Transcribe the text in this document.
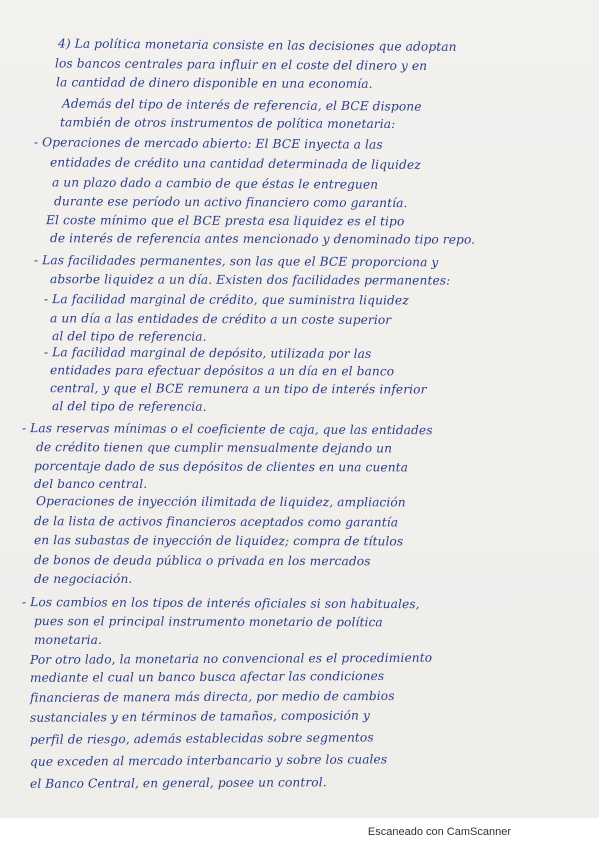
4) La política monetaria consiste en las decisiones que adoptan
los bancos centrales para influir en el coste del dinero y en
la cantidad de dinero disponible en una economía.
Además del tipo de interés de referencia, el BCE dispone
también de otros instrumentos de política monetaria:
- Operaciones de mercado abierto: El BCE inyecta a las
entidades de crédito una cantidad determinada de liquidez
a un plazo dado a cambio de que éstas le entreguen
durante ese período un activo financiero como garantía.
El coste mínimo que el BCE presta esa liquidez es el tipo
de interés de referencia antes mencionado y denominado tipo repo.
- Las facilidades permanentes, son las que el BCE proporciona y
absorbe liquidez a un día. Existen dos facilidades permanentes:
- La facilidad marginal de crédito, que suministra liquidez
a un día a las entidades de crédito a un coste superior
al del tipo de referencia.
- La facilidad marginal de depósito, utilizada por las
entidades para efectuar depósitos a un día en el banco
central, y que el BCE remunera a un tipo de interés inferior
al del tipo de referencia.
- Las reservas mínimas o el coeficiente de caja, que las entidades
de crédito tienen que cumplir mensualmente dejando un
porcentaje dado de sus depósitos de clientes en una cuenta
del banco central.
Operaciones de inyección ilimitada de liquidez, ampliación
de la lista de activos financieros aceptados como garantía
en las subastas de inyección de liquidez; compra de títulos
de bonos de deuda pública o privada en los mercados
de negociación.
- Los cambios en los tipos de interés oficiales si son habituales,
pues son el principal instrumento monetario de política
monetaria.
Por otro lado, la monetaria no convencional es el procedimiento
mediante el cual un banco busca afectar las condiciones
financieras de manera más directa, por medio de cambios
sustanciales y en términos de tamaños, composición y
perfil de riesgo, además establecidas sobre segmentos
que exceden al mercado interbancario y sobre los cuales
el Banco Central, en general, posee un control.
Escaneado con CamScanner
